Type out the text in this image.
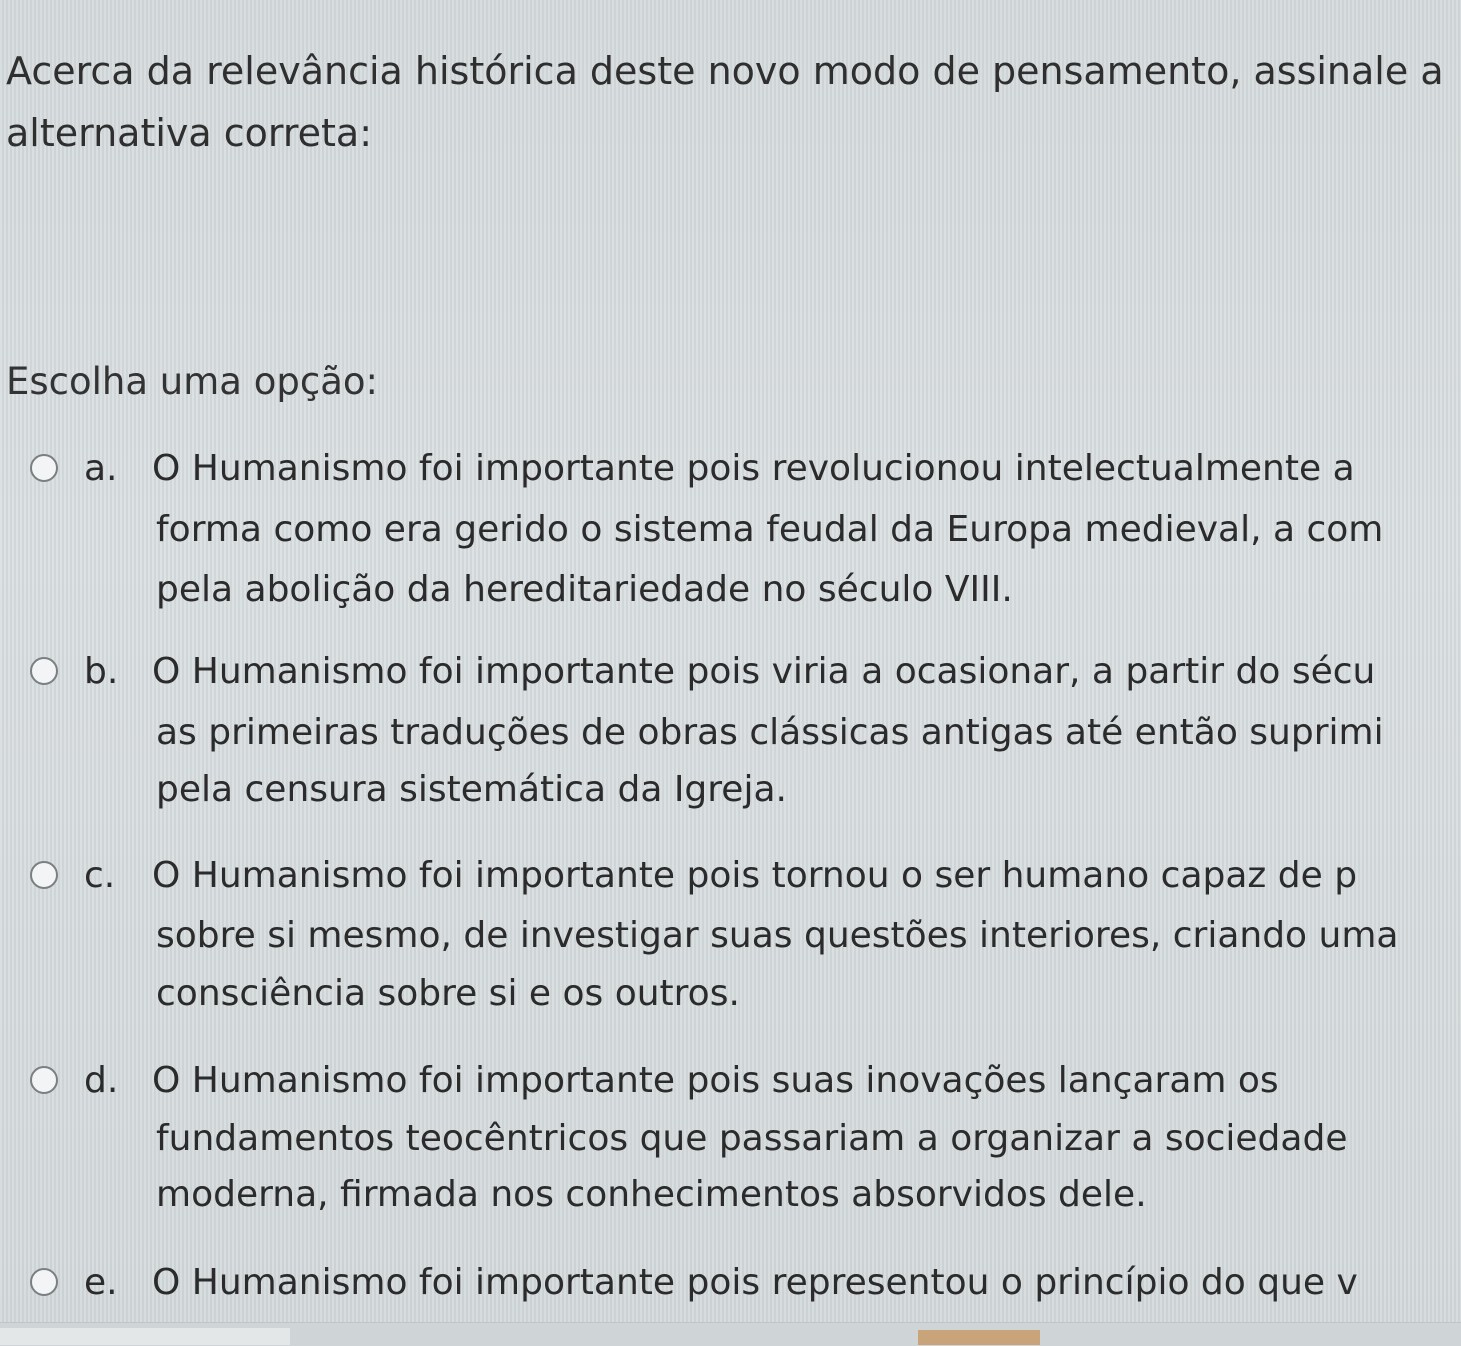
Acerca da relevância histórica deste novo modo de pensamento, assinale a
alternativa correta:
Escolha uma opção:
a. O Humanismo foi importante pois revolucionou intelectualmente a
forma como era gerido o sistema feudal da Europa medieval, a com
pela abolição da hereditariedade no século VIII.
b. O Humanismo foi importante pois viria a ocasionar, a partir do sécu
as primeiras traduções de obras clássicas antigas até então suprimi
pela censura sistemática da Igreja.
c. O Humanismo foi importante pois tornou o ser humano capaz de p
sobre si mesmo, de investigar suas questões interiores, criando uma
consciência sobre si e os outros.
d. O Humanismo foi importante pois suas inovações lançaram os
fundamentos teocêntricos que passariam a organizar a sociedade
moderna, firmada nos conhecimentos absorvidos dele.
e. O Humanismo foi importante pois representou o princípio do que v
